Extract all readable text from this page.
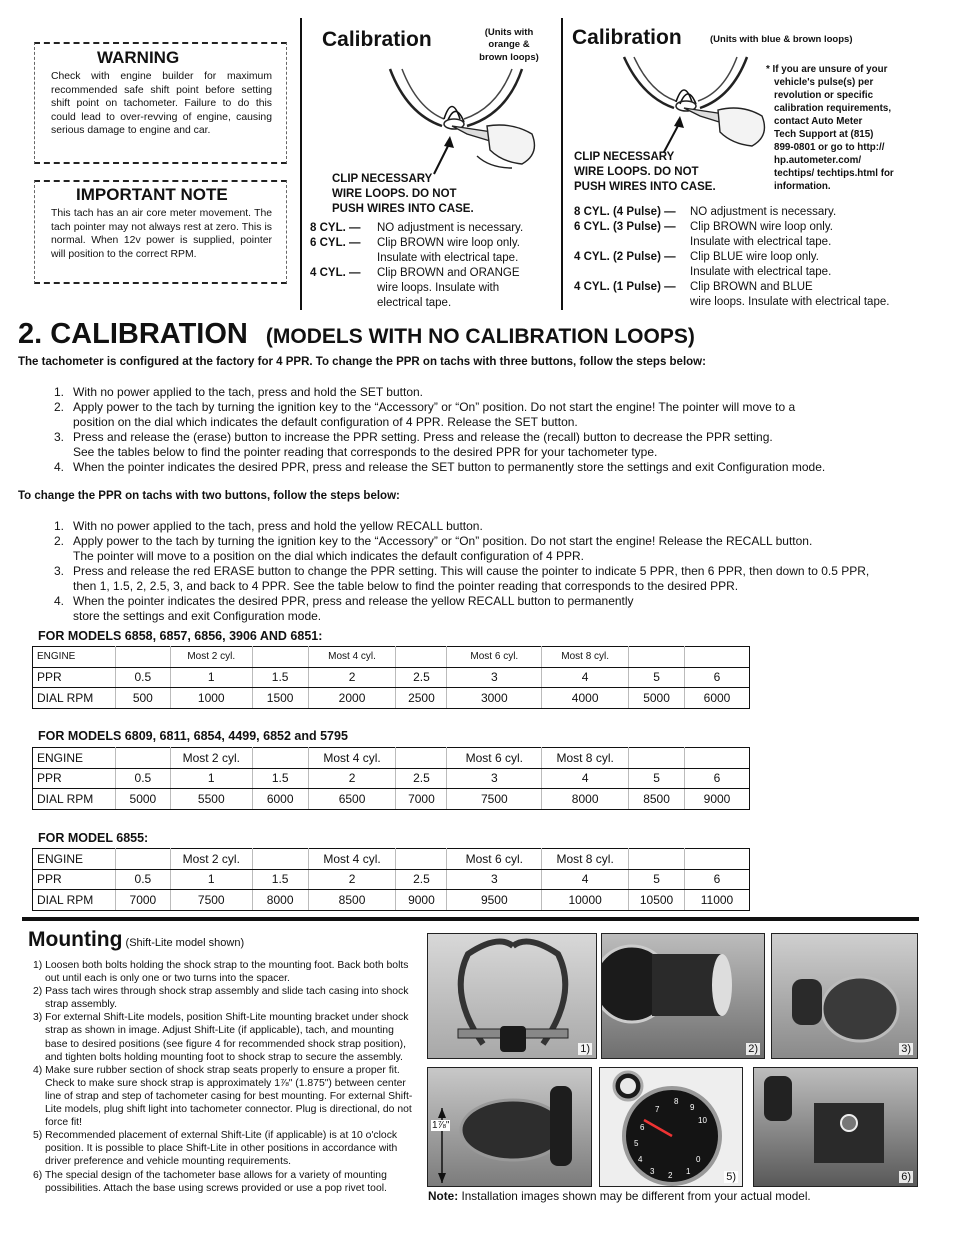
WARNING

Check with engine builder for maximum recommended safe shift point before setting shift point on tachometer. Failure to do this could lead to over-revving of engine, causing serious damage to engine and car.

IMPORTANT NOTE

This tach has an air core meter movement. The tach pointer may not always rest at zero. This is normal. When 12v power is supplied, pointer will position to the correct RPM.

Calibration	(Units with
orange &
brown loops)
CLIP NECESSARY
WIRE LOOPS. DO NOT
PUSH WIRES INTO CASE.
8 CYL. —	NO adjustment is necessary.
6 CYL. —	Clip BROWN wire loop only.
Insulate with electrical tape.
4 CYL. —	Clip BROWN and ORANGE
wire loops. Insulate with
electrical tape.
Calibration	(Units with blue & brown loops)
* If you are unsure of your
vehicle's pulse(s) per
revolution or specific
calibration requirements,
contact Auto Meter
Tech Support at (815)
899-0801 or go to http://
hp.autometer.com/
techtips/ techtips.html for
information.
CLIP NECESSARY
WIRE LOOPS. DO NOT
PUSH WIRES INTO CASE.
8 CYL. (4 Pulse) —	NO adjustment is necessary.
6 CYL. (3 Pulse) —	Clip BROWN wire loop only.
Insulate with electrical tape.
4 CYL. (2 Pulse) —	Clip BLUE wire loop only.
Insulate with electrical tape.
4 CYL. (1 Pulse) —	Clip BROWN and BLUE
wire loops. Insulate with electrical tape.
2. CALIBRATION (MODELS WITH NO CALIBRATION LOOPS)
The tachometer is configured at the factory for 4 PPR. To change the PPR on tachs with three buttons, follow the steps below:
1. With no power applied to the tach, press and hold the SET button.
2. Apply power to the tach by turning the ignition key to the “Accessory” or “On” position. Do not start the engine! The pointer will move to a
position on the dial which indicates the default configuration of 4 PPR. Release the SET button.
3. Press and release the (erase) button to increase the PPR setting. Press and release the (recall) button to decrease the PPR setting.
See the tables below to find the pointer reading that corresponds to the desired PPR for your tachometer type.
4. When the pointer indicates the desired PPR, press and release the SET button to permanently store the settings and exit Configuration mode.
To change the PPR on tachs with two buttons, follow the steps below:
1. With no power applied to the tach, press and hold the yellow RECALL button.
2. Apply power to the tach by turning the ignition key to the “Accessory” or “On” position. Do not start the engine! Release the RECALL button.
The pointer will move to a position on the dial which indicates the default configuration of 4 PPR.
3. Press and release the red ERASE button to change the PPR setting. This will cause the pointer to indicate 5 PPR, then 6 PPR, then down to 0.5 PPR,
then 1, 1.5, 2, 2.5, 3, and back to 4 PPR. See the table below to find the pointer reading that corresponds to the desired PPR.
4. When the pointer indicates the desired PPR, press and release the yellow RECALL button to permanently
store the settings and exit Configuration mode.
FOR MODELS 6858, 6857, 6856, 3906 AND 6851:
ENGINE		Most 2 cyl.		Most 4 cyl.		Most 6 cyl.	Most 8 cyl.		
PPR	0.5	1	1.5	2	2.5	3	4	5	6
DIAL RPM	500	1000	1500	2000	2500	3000	4000	5000	6000
FOR MODELS 6809, 6811, 6854, 4499, 6852 and 5795
ENGINE		Most 2 cyl.		Most 4 cyl.		Most 6 cyl.	Most 8 cyl.		
PPR	0.5	1	1.5	2	2.5	3	4	5	6
DIAL RPM	5000	5500	6000	6500	7000	7500	8000	8500	9000
FOR MODEL 6855:
ENGINE		Most 2 cyl.		Most 4 cyl.		Most 6 cyl.	Most 8 cyl.		
PPR	0.5	1	1.5	2	2.5	3	4	5	6
DIAL RPM	7000	7500	8000	8500	9000	9500	10000	10500	11000
Mounting (Shift-Lite model shown)
1) Loosen both bolts holding the shock strap to the mounting foot. Back both bolts out until each is only one or two turns into the spacer.
2) Pass tach wires through shock strap assembly and slide tach casing into shock strap assembly.
3) For external Shift-Lite models, position Shift-Lite mounting bracket under shock strap as shown in image. Adjust Shift-Lite (if applicable), tach, and mounting base to desired positions (see figure 4 for recommended shock strap position), and tighten bolts holding mounting foot to shock strap to secure the assembly.
4) Make sure rubber section of shock strap seats properly to ensure a proper fit. Check to make sure shock strap is approximately 1⅞" (1.875") between center line of strap and step of tachometer casing for best mounting. For external Shift-Lite models, plug shift light into tachometer connector. Plug is directional, do not force fit!
5) Recommended placement of external Shift-Lite (if applicable) is at 10 o'clock position. It is possible to place Shift-Lite in other positions in accordance with driver preference and vehicle mounting requirements.
6) The special design of the tachometer base allows for a variety of mounting possibilities. Attach the base using screws provided or use a pop rivet tool.
1)	2)	3)
1⅞"
7
8
9
10
6
5
4
3 2 1
0
5)	6)
Note: Installation images shown may be different from your actual model.
